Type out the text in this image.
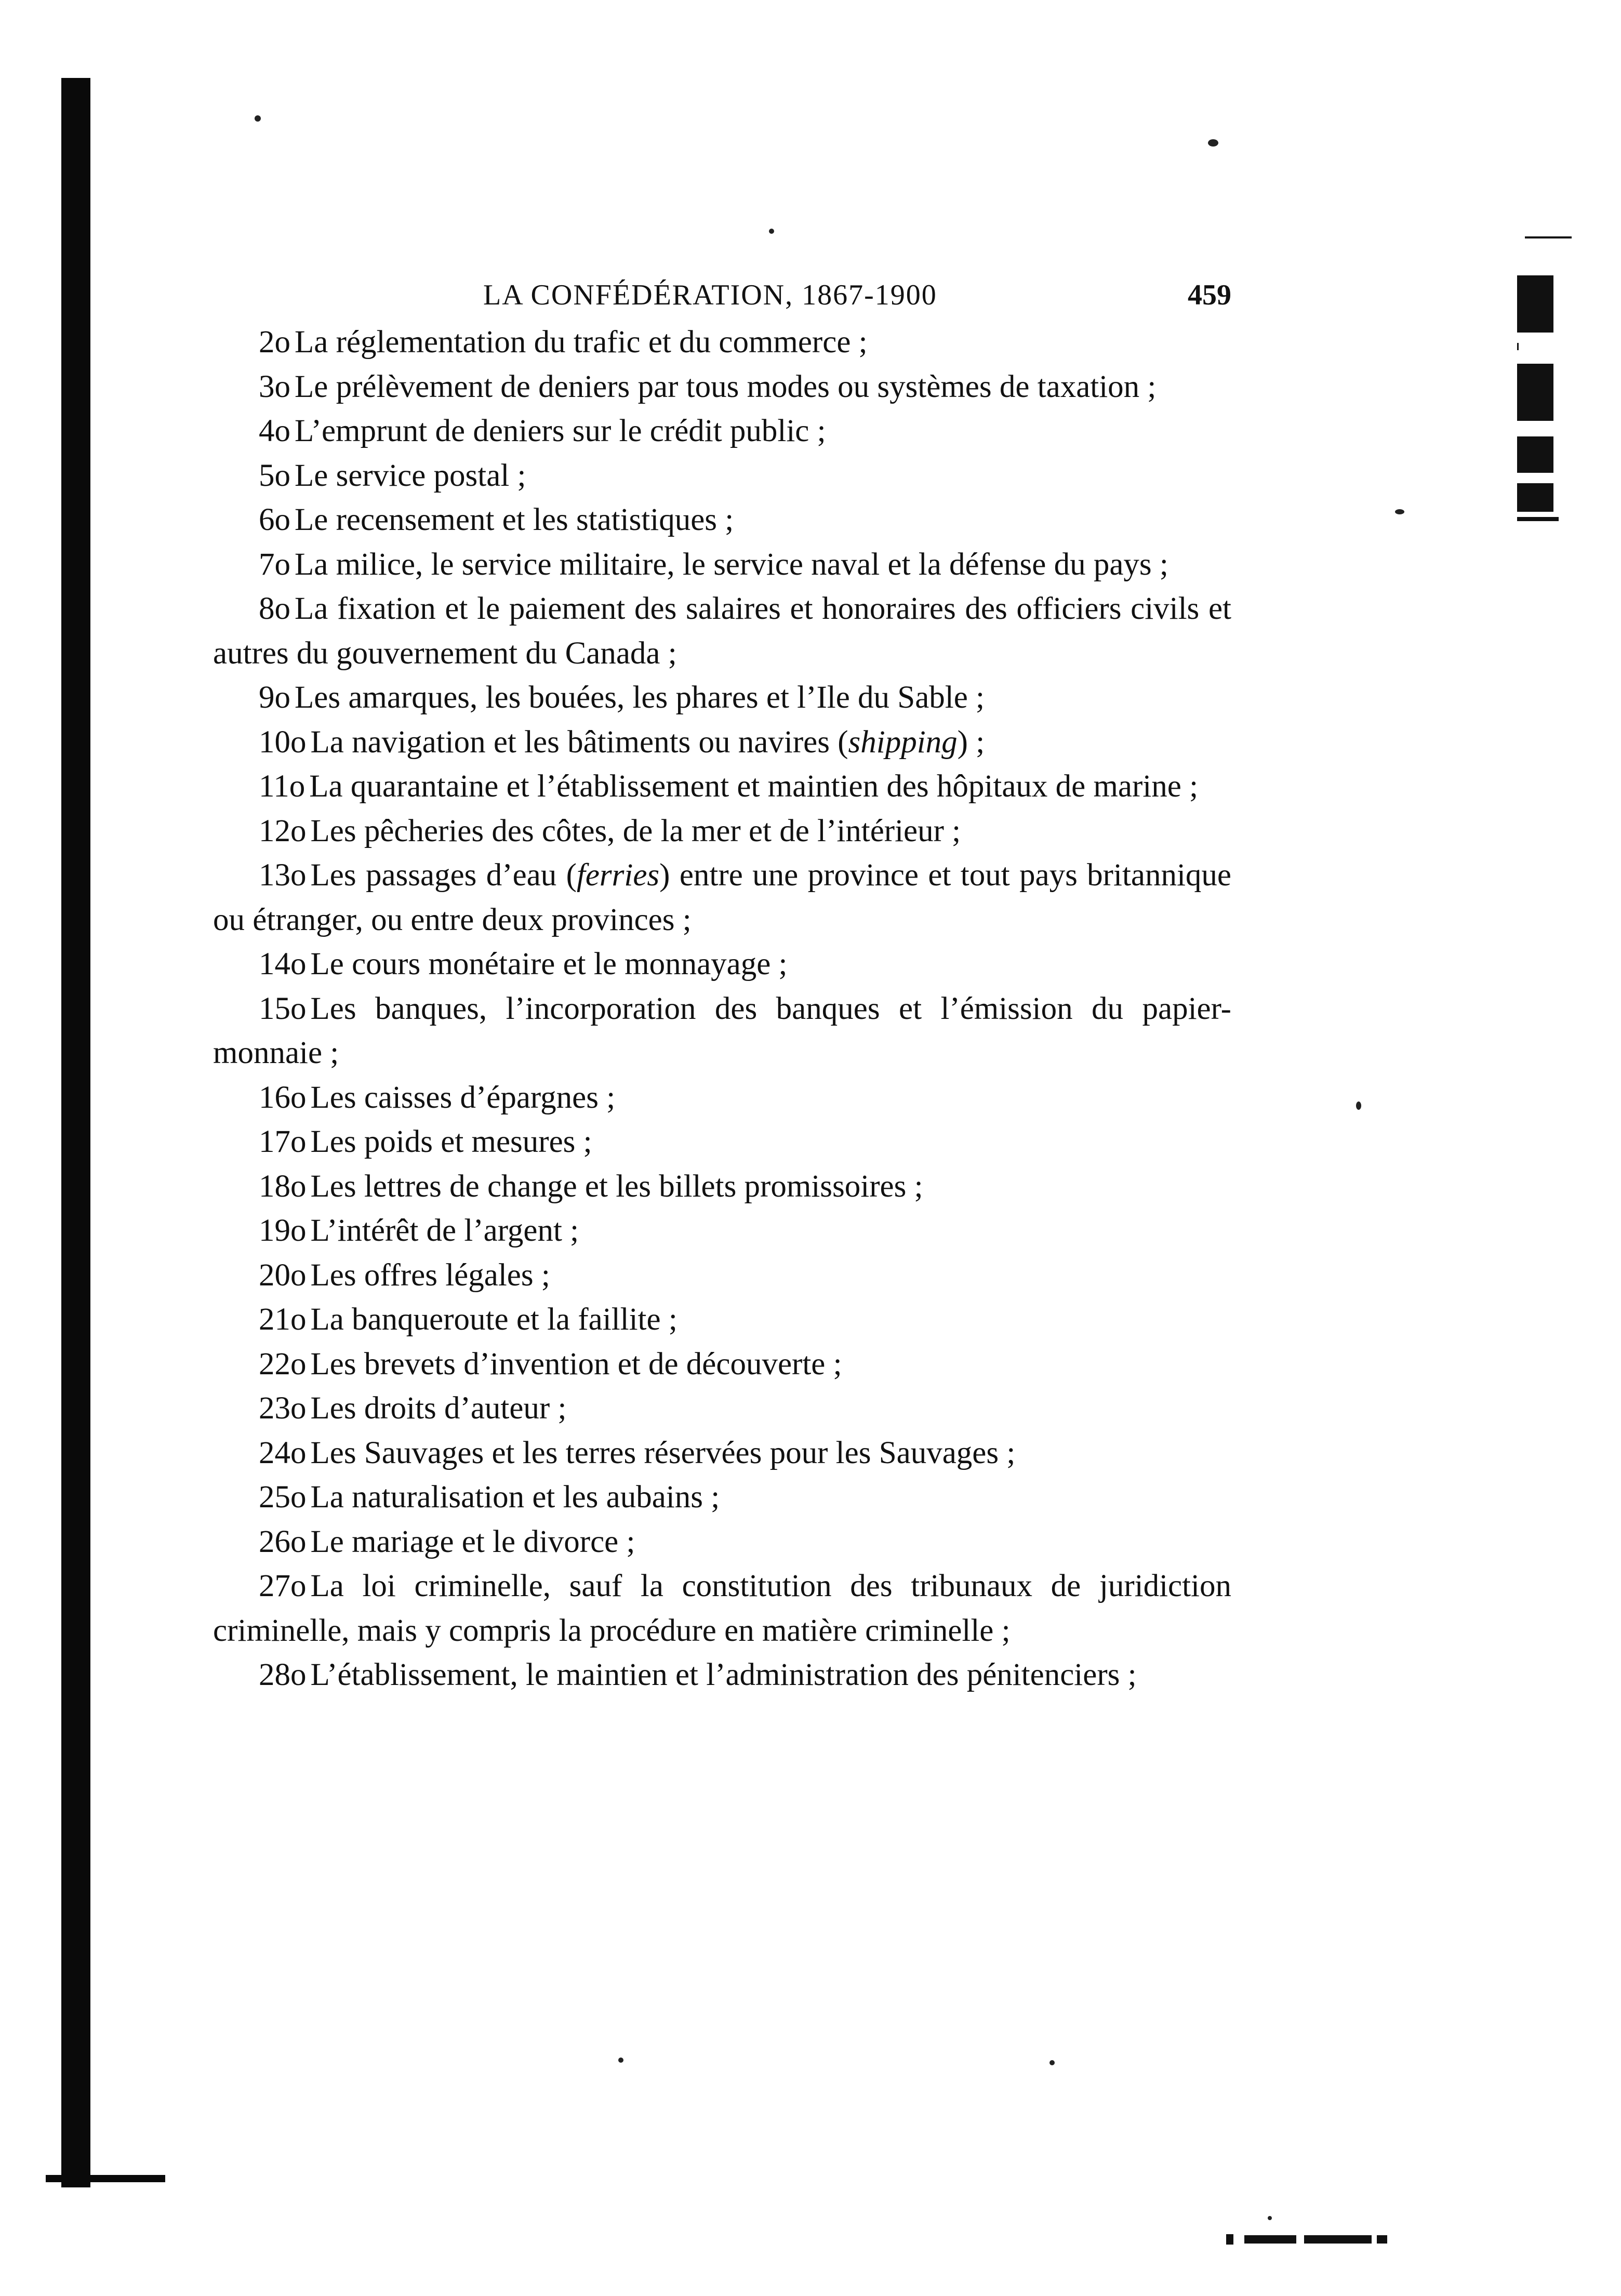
LA CONFÉDÉRATION, 1867-1900	459

2o La réglementation du trafic et du commerce ;

3o Le prélèvement de deniers par tous modes ou systèmes de taxation ;

4o L’emprunt de deniers sur le crédit public ;

5o Le service postal ;

6o Le recensement et les statistiques ;

7o La milice, le service militaire, le service naval et la défense du pays ;

8o La fixation et le paiement des salaires et honoraires des officiers civils et autres du gouvernement du Canada ;

9o Les amarques, les bouées, les phares et l’Ile du Sable ;

10o La navigation et les bâtiments ou navires (shipping) ;

11o La quarantaine et l’établissement et maintien des hôpitaux de marine ;

12o Les pêcheries des côtes, de la mer et de l’intérieur ;

13o Les passages d’eau (ferries) entre une province et tout pays britannique ou étranger, ou entre deux provinces ;

14o Le cours monétaire et le monnayage ;

15o Les banques, l’incorporation des banques et l’émission du papier-monnaie ;

16o Les caisses d’épargnes ;

17o Les poids et mesures ;

18o Les lettres de change et les billets promissoires ;

19o L’intérêt de l’argent ;

20o Les offres légales ;

21o La banqueroute et la faillite ;

22o Les brevets d’invention et de découverte ;

23o Les droits d’auteur ;

24o Les Sauvages et les terres réservées pour les Sauvages ;

25o La naturalisation et les aubains ;

26o Le mariage et le divorce ;

27o La loi criminelle, sauf la constitution des tribunaux de juridiction criminelle, mais y compris la procédure en matière criminelle ;

28o L’établissement, le maintien et l’administration des pénitenciers ;
